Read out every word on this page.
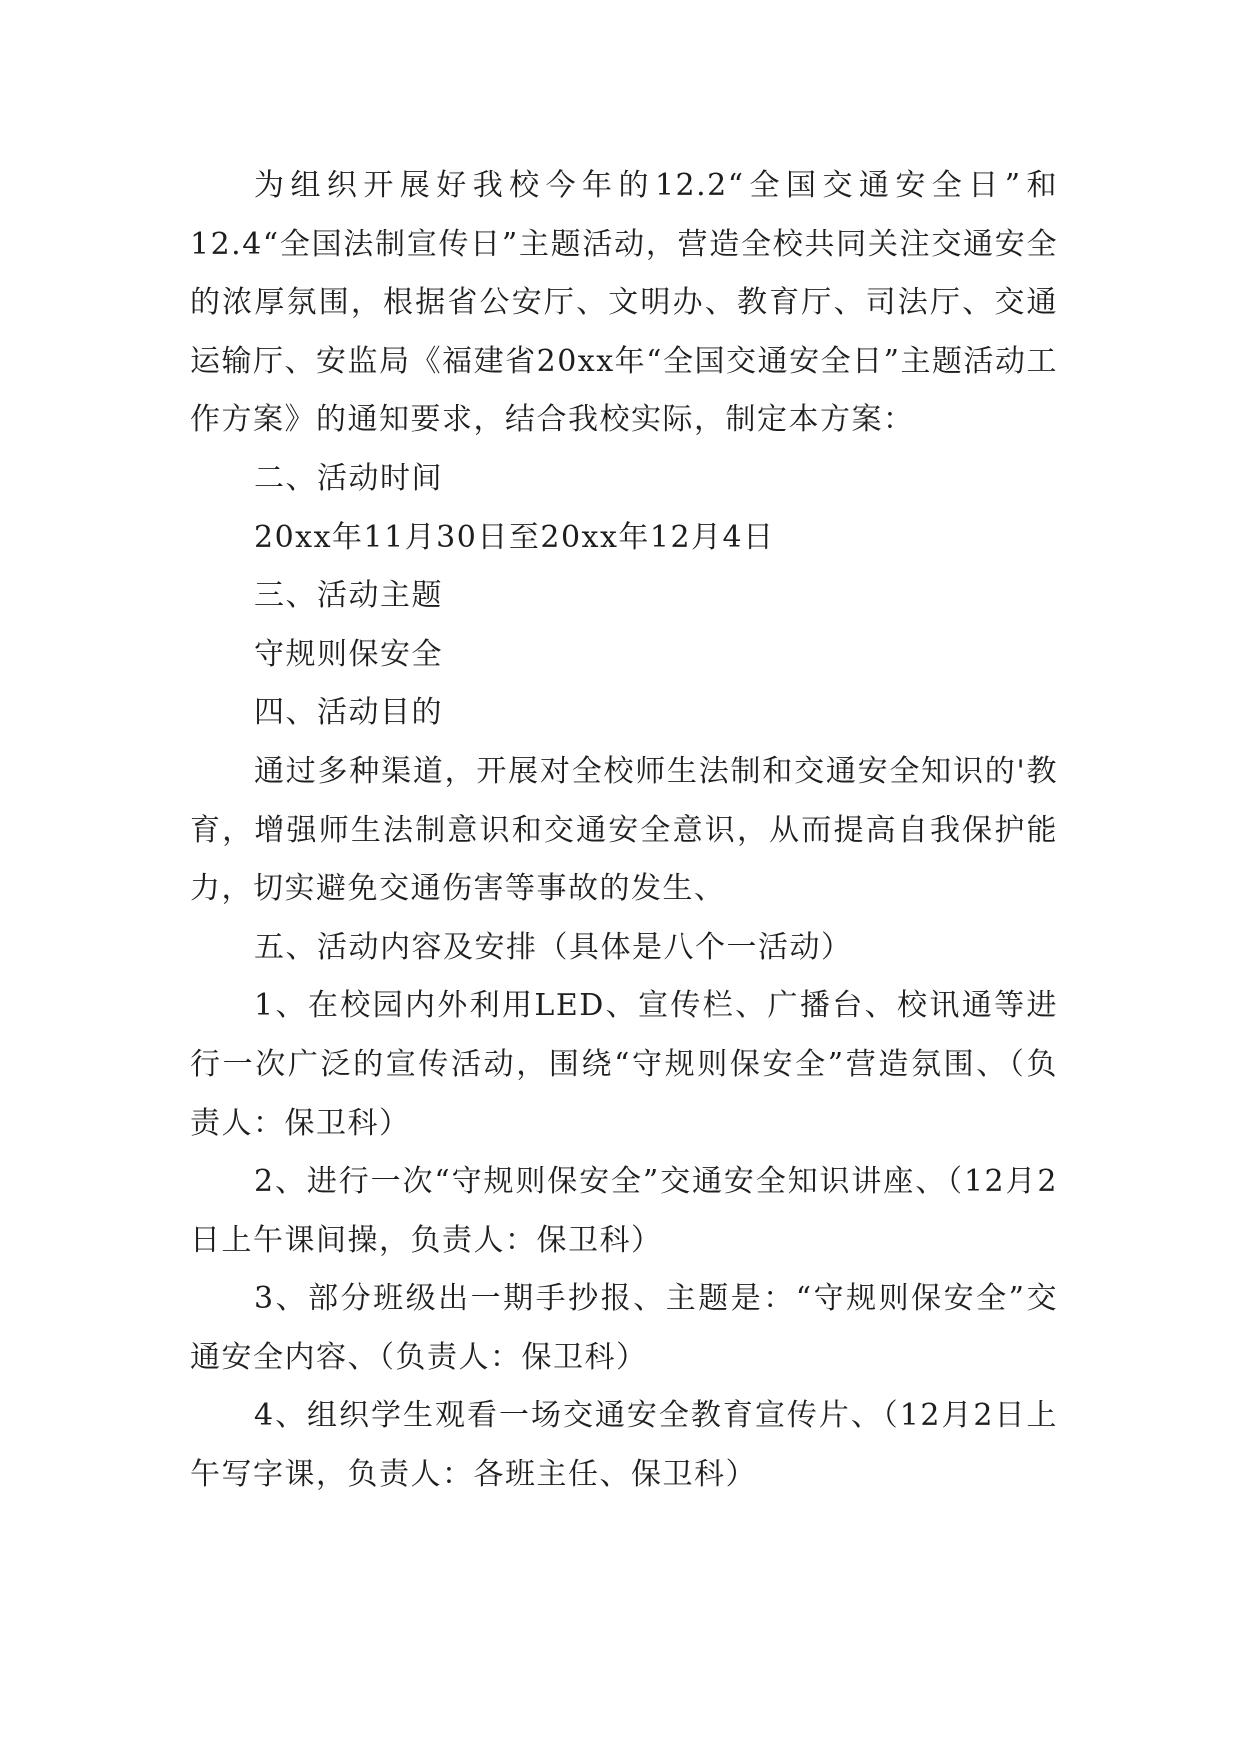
为组织开展好我校今年的12.2“全国交通安全日”和12.4“全国法制宣传日”主题活动，营造全校共同关注交通安全的浓厚氛围，根据省公安厅、文明办、教育厅、司法厅、交通运输厅、安监局《福建省20xx年“全国交通安全日”主题活动工作方案》的通知要求，结合我校实际，制定本方案：

二、活动时间

20xx年11月30日至20xx年12月4日

三、活动主题

守规则保安全

四、活动目的

通过多种渠道，开展对全校师生法制和交通安全知识的'教育，增强师生法制意识和交通安全意识，从而提高自我保护能力，切实避免交通伤害等事故的发生、

五、活动内容及安排（具体是八个一活动）

1、在校园内外利用LED、宣传栏、广播台、校讯通等进行一次广泛的宣传活动，围绕“守规则保安全”营造氛围、（负责人：保卫科）

2、进行一次“守规则保安全”交通安全知识讲座、（12月2日上午课间操，负责人：保卫科）

3、部分班级出一期手抄报、主题是：“守规则保安全”交通安全内容、（负责人：保卫科）

4、组织学生观看一场交通安全教育宣传片、（12月2日上午写字课，负责人：各班主任、保卫科）
